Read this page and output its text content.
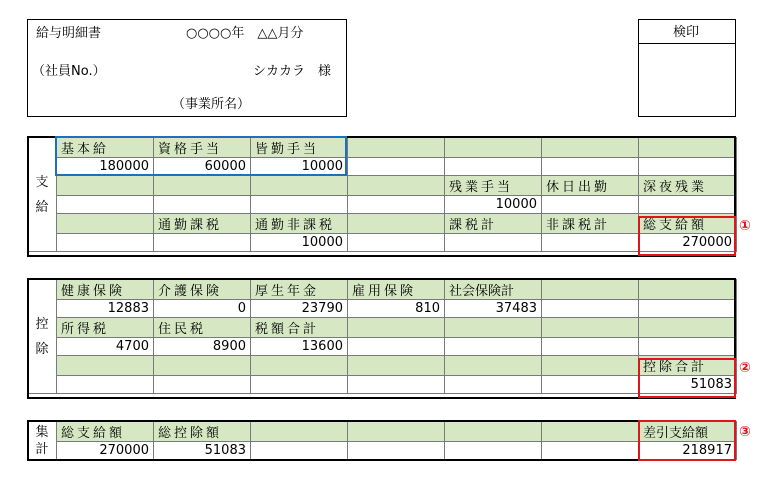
給与明細書	○○○○年　△△月分
（社員No.）	シカカラ　様
（事業所名）
検印
支
給	基本給	資格手当	皆勤手当				
	180000	60000	10000				
					残業手当	休日出勤	深夜残業
					10000		
		通勤課税	通勤非課税		課税計	非課税計	総支給額
			10000				270000
①
控
除	健康保険	介護保険	厚生年金	雇用保険	社会保険計		
	12883	0	23790	810	37483		
	所得税	住民税	税額合計				
	4700	8900	13600				
							控除合計
							51083
②
集
計	総支給額	総控除額					差引支給額
	270000	51083					218917
③
